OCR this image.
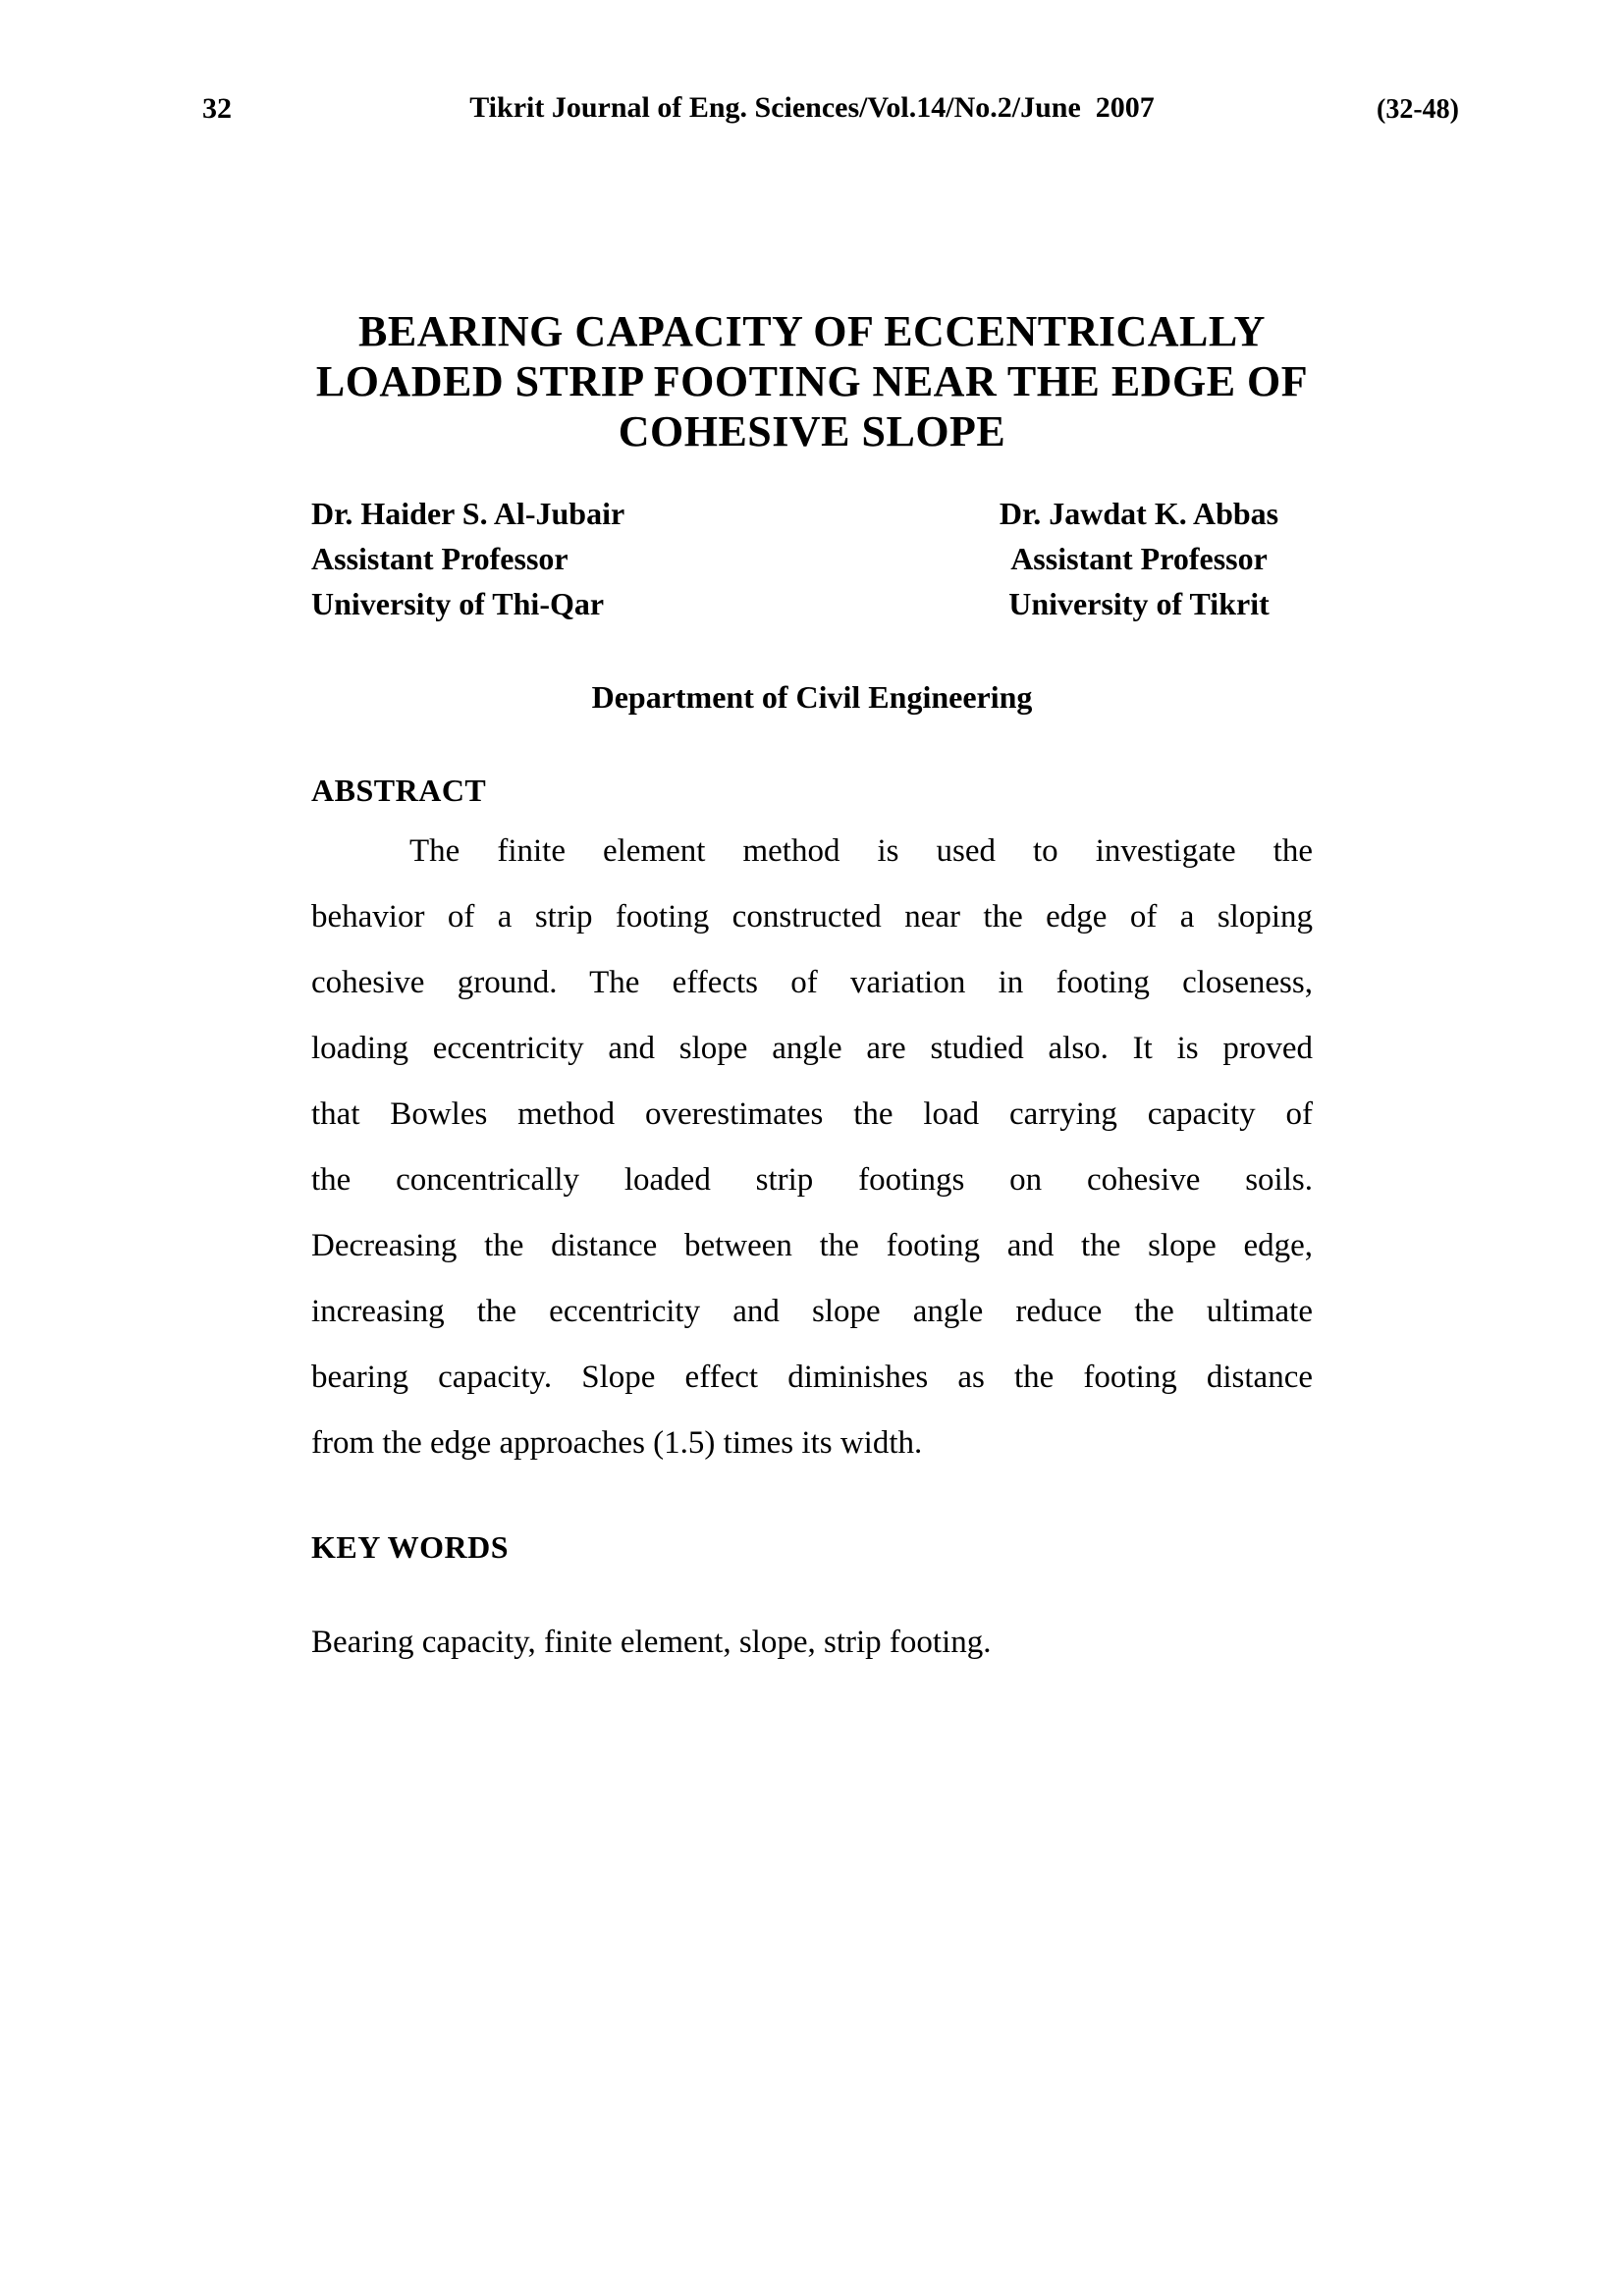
32	Tikrit Journal of Eng. Sciences/Vol.14/No.2/June  2007	(32-48)
BEARING CAPACITY OF ECCENTRICALLY
LOADED STRIP FOOTING NEAR THE EDGE OF
COHESIVE SLOPE
Dr. Haider S. Al-Jubair
Assistant Professor
University of Thi-Qar
Dr. Jawdat K. Abbas
Assistant Professor
University of Tikrit
Department of Civil Engineering
ABSTRACT
The finite element method is used to investigate the
behavior of a strip footing constructed near the edge of a sloping
cohesive ground. The effects of variation in footing closeness,
loading eccentricity and slope angle are studied also. It is proved
that Bowles method overestimates the load carrying capacity of
the concentrically loaded strip footings on cohesive soils.
Decreasing the distance between the footing and the slope edge,
increasing the eccentricity and slope angle reduce the ultimate
bearing capacity. Slope effect diminishes as the footing distance
from the edge approaches (1.5) times its width.
KEY WORDS
Bearing capacity, finite element, slope, strip footing.
